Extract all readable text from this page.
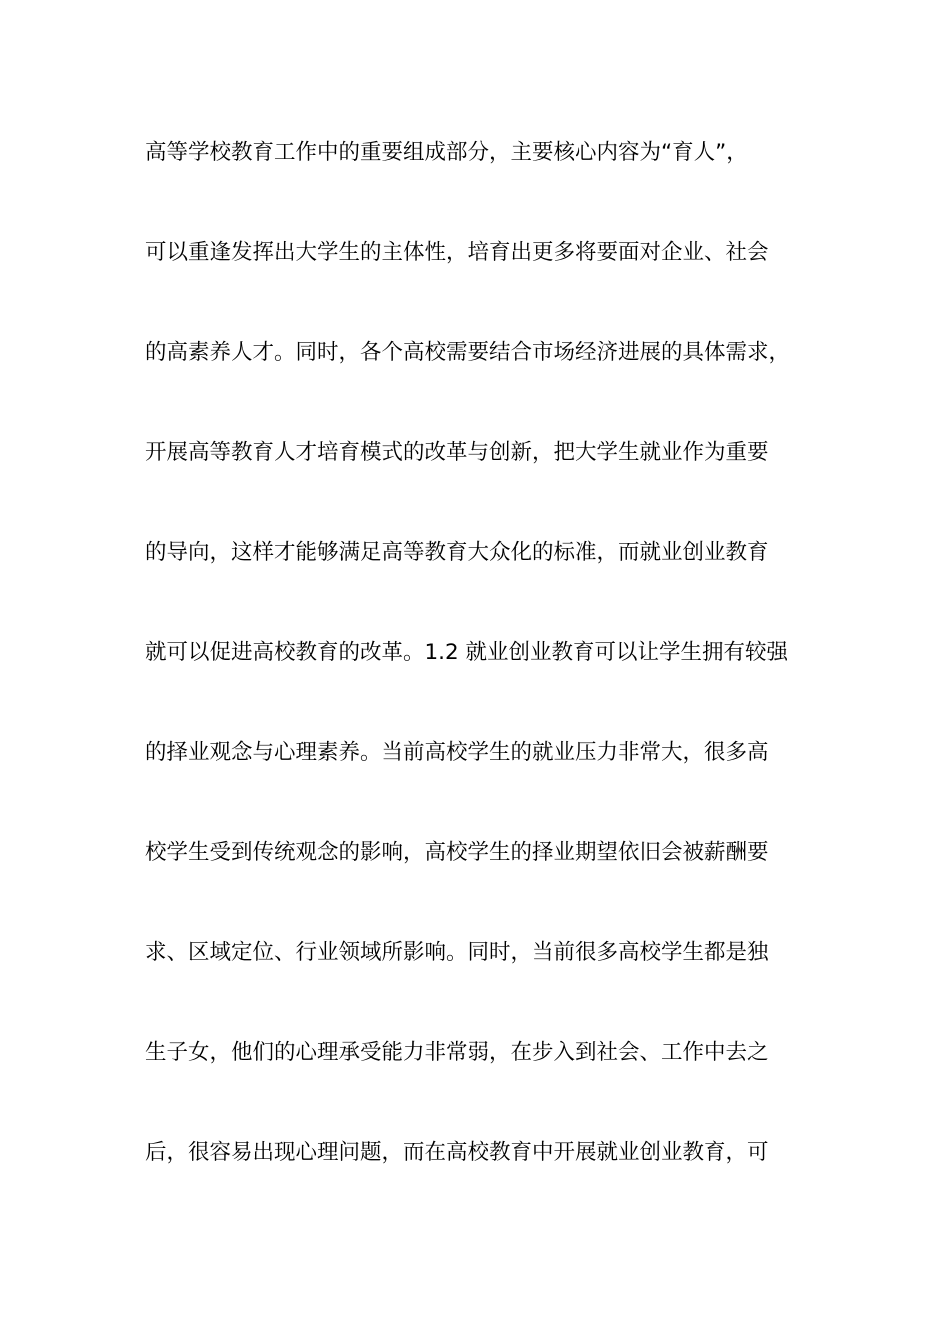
高等学校教育工作中的重要组成部分，主要核心内容为“育人”，
可以重逢发挥出大学生的主体性，培育出更多将要面对企业、社会
的高素养人才。同时，各个高校需要结合市场经济进展的具体需求，
开展高等教育人才培育模式的改革与创新，把大学生就业作为重要
的导向，这样才能够满足高等教育大众化的标准，而就业创业教育
就可以促进高校教育的改革。1.2 就业创业教育可以让学生拥有较强
的择业观念与心理素养。当前高校学生的就业压力非常大，很多高
校学生受到传统观念的影响，高校学生的择业期望依旧会被薪酬要
求、区域定位、行业领域所影响。同时，当前很多高校学生都是独
生子女，他们的心理承受能力非常弱，在步入到社会、工作中去之
后，很容易出现心理问题，而在高校教育中开展就业创业教育，可
